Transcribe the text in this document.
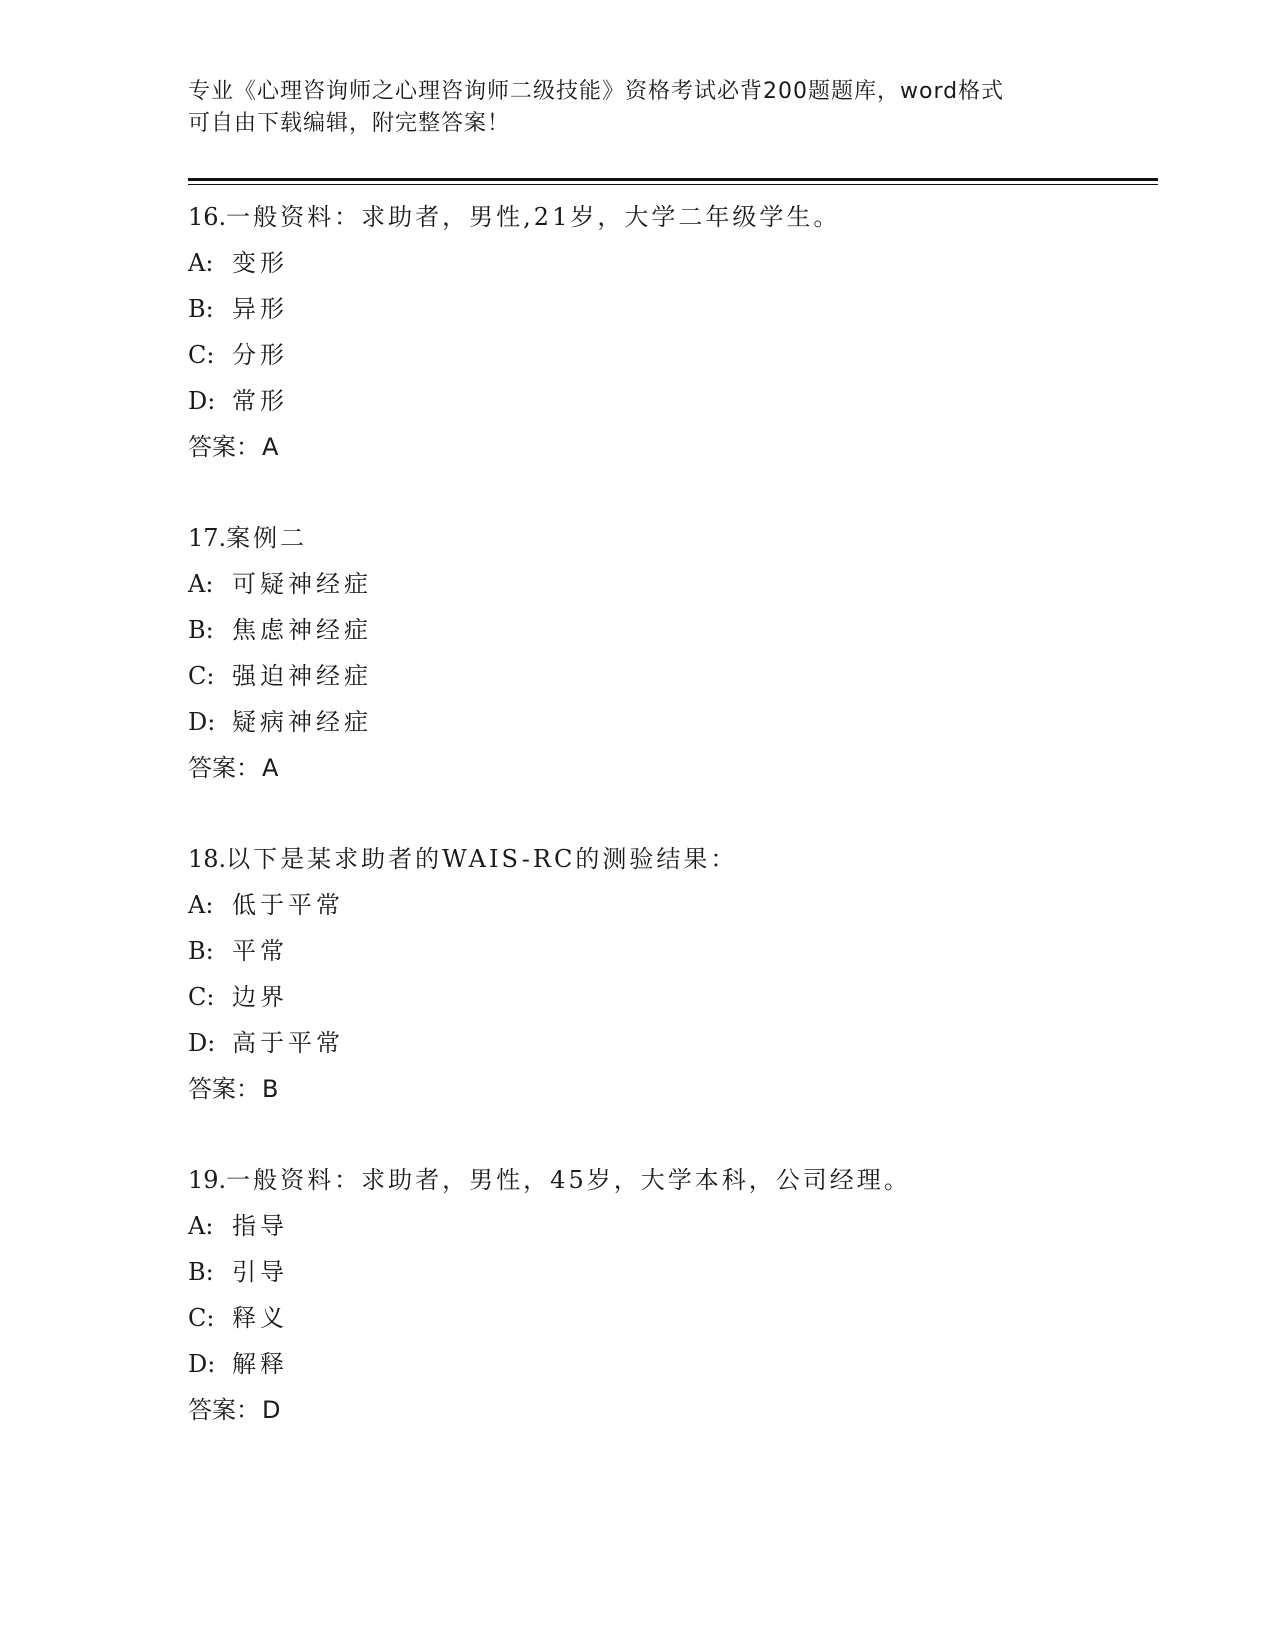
专业《心理咨询师之心理咨询师二级技能》资格考试必背200题题库，word格式
可自由下载编辑，附完整答案！
16.一般资料：求助者，男性,21岁，大学二年级学生。
A: 变形
B: 异形
C: 分形
D: 常形
答案：A
17.案例二
A: 可疑神经症
B: 焦虑神经症
C: 强迫神经症
D: 疑病神经症
答案：A
18.以下是某求助者的WAIS-RC的测验结果：
A: 低于平常
B: 平常
C: 边界
D: 高于平常
答案：B
19.一般资料：求助者，男性，45岁，大学本科，公司经理。
A: 指导
B: 引导
C: 释义
D: 解释
答案：D
